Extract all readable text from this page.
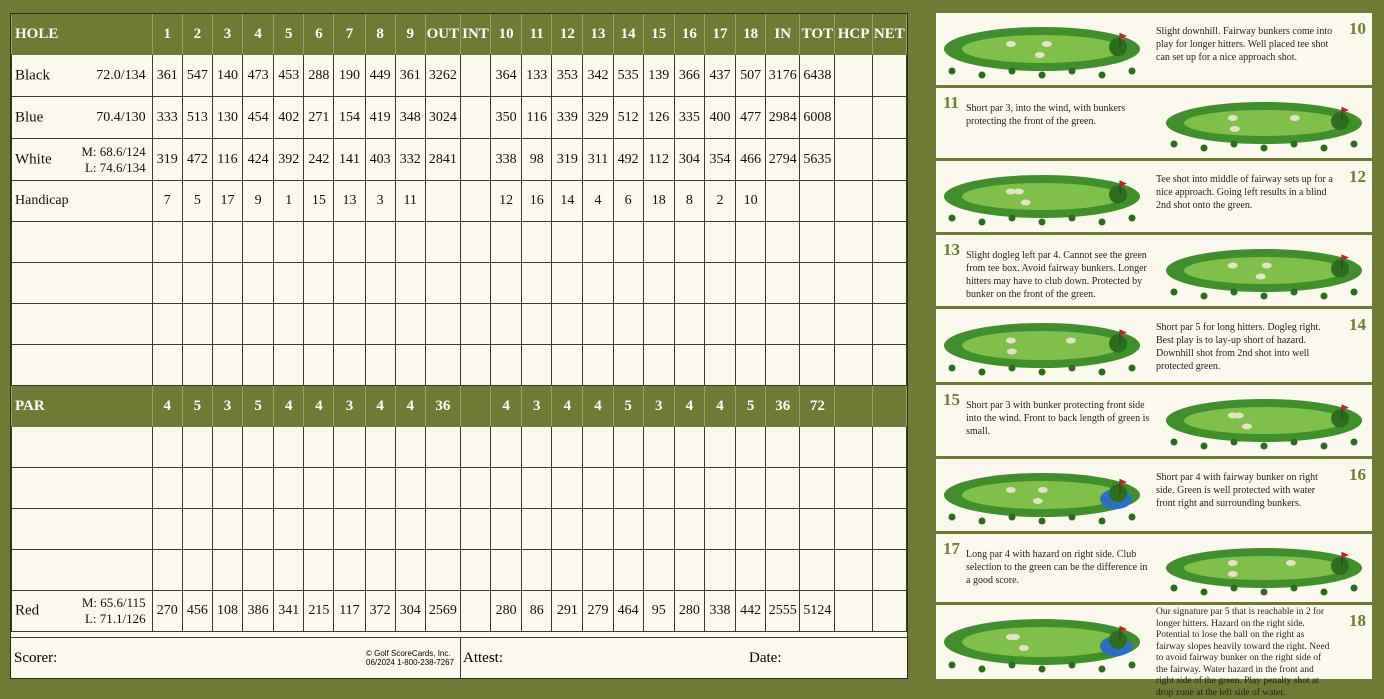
HOLE	1	2	3	4	5	6	7	8	9	OUT	INT	10	11	12	13	14	15	16	17	18	IN	TOT	HCP	NET

Black 72.0/134	361	547	140	473	453	288	190	449	361	3262		364	133	353	342	535	139	366	437	507	3176	6438		

Blue 70.4/130	333	513	130	454	402	271	154	419	348	3024		350	116	339	329	512	126	335	400	477	2984	6008		

White M: 68.6/124
L: 74.6/134	319	472	116	424	392	242	141	403	332	2841		338	98	319	311	492	112	304	354	466	2794	5635		
Handicap	7	5	17	9	1	15	13	3	11			12	16	14	4	6	18	8	2	10				

PAR	4	5	3	5	4	4	3	4	4	36		4	3	4	4	5	3	4	4	5	36	72		

Red M: 65.6/115
L: 71.1/126	270	456	108	386	341	215	117	372	304	2569		280	86	291	279	464	95	280	338	442	2555	5124		
Scorer:	© Golf ScoreCards, Inc.
06/2024 1-800-238-7267 Attest:	Date:
10
Slight downhill. Fairway bunkers come into play for longer hitters. Well placed tee shot can set up for a nice approach shot.
11 Short par 3, into the wind, with bunkers protecting the front of the green.
12
Tee shot into middle of fairway sets up for a nice approach. Going left results in a blind 2nd shot onto the green.
13 Slight dogleg left par 4. Cannot see the green from tee box. Avoid fairway bunkers. Longer hitters may have to club down. Protected by bunker on the front of the green.
14
Short par 5 for long hitters. Dogleg right. Best play is to lay-up short of hazard. Downhill shot from 2nd shot into well protected green.
15 Short par 3 with bunker protecting front side into the wind. Front to back length of green is small.
16
Short par 4 with fairway bunker on right side. Green is well protected with water front right and surrounding bunkers.
17 Long par 4 with hazard on right side. Club selection to the green can be the difference in a good score.
18
Our signature par 5 that is reachable in 2 for longer hitters. Hazard on the right side. Potential to lose the ball on the right as fairway slopes heavily toward the right. Need to avoid fairway bunker on the right side of the fairway. Water hazard in the front and right side of the green. Play penalty shot at drop zone at the left side of water.
